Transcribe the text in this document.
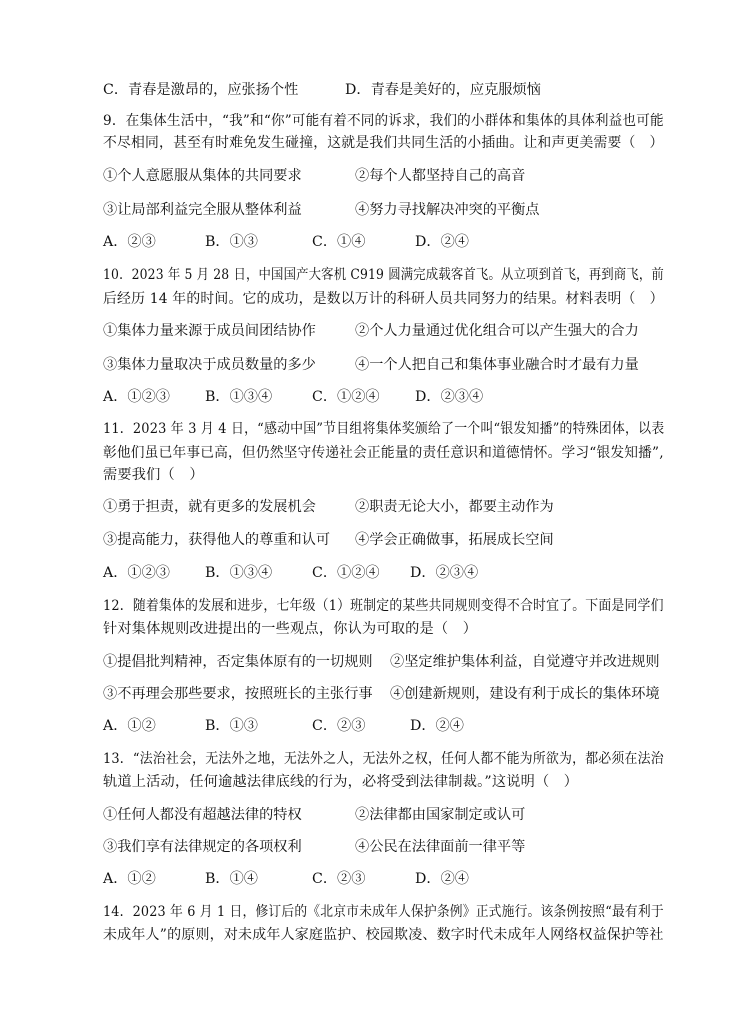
C．青春是激昂的，应张扬个性	D．青春是美好的，应克服烦恼
9．在集体生活中，“我”和“你”可能有着不同的诉求，我们的小群体和集体的具体利益也可能
不尽相同，甚至有时难免发生碰撞，这就是我们共同生活的小插曲。让和声更美需要（　）
①个人意愿服从集体的共同要求	②每个人都坚持自己的高音
③让局部利益完全服从整体利益	④努力寻找解决冲突的平衡点
A．②③	B．①③	C．①④	D．②④
10．2023 年 5 月 28 日，中国国产大客机 C919 圆满完成载客首飞。从立项到首飞，再到商飞，前
后经历 14 年的时间。它的成功，是数以万计的科研人员共同努力的结果。材料表明（　）
①集体力量来源于成员间团结协作	②个人力量通过优化组合可以产生强大的合力
③集体力量取决于成员数量的多少	④一个人把自己和集体事业融合时才最有力量
A．①②③ B．①③④	C．①②④ D．②③④
11．2023 年 3 月 4 日，“感动中国”节目组将集体奖颁给了一个叫“银发知播”的特殊团体，以表
彰他们虽已年事已高，但仍然坚守传递社会正能量的责任意识和道德情怀。学习“银发知播”,
需要我们（　）
①勇于担责，就有更多的发展机会	②职责无论大小，都要主动作为
③提高能力，获得他人的尊重和认可 ④学会正确做事，拓展成长空间
A．①②③ B．①③④	C．①②④ D．②③④
12．随着集体的发展和进步，七年级（1）班制定的某些共同规则变得不合时宜了。下面是同学们
针对集体规则改进提出的一些观点，你认为可取的是（　）
①提倡批判精神，否定集体原有的一切规则 ②坚定维护集体利益，自觉遵守并改进规则
③不再理会那些要求，按照班长的主张行事 ④创建新规则，建设有利于成长的集体环境
A．①②	B．①③	C．②③	D．②④
13．“法治社会，无法外之地，无法外之人，无法外之权，任何人都不能为所欲为，都必须在法治
轨道上活动，任何逾越法律底线的行为，必将受到法律制裁。”这说明（　）
①任何人都没有超越法律的特权	②法律都由国家制定或认可
③我们享有法律规定的各项权利	④公民在法律面前一律平等
A．①②	B．①④	C．②③	D．②④
14．2023 年 6 月 1 日，修订后的《北京市未成年人保护条例》正式施行。该条例按照“最有利于
未成年人”的原则，对未成年人家庭监护、校园欺凌、数字时代未成年人网络权益保护等社
